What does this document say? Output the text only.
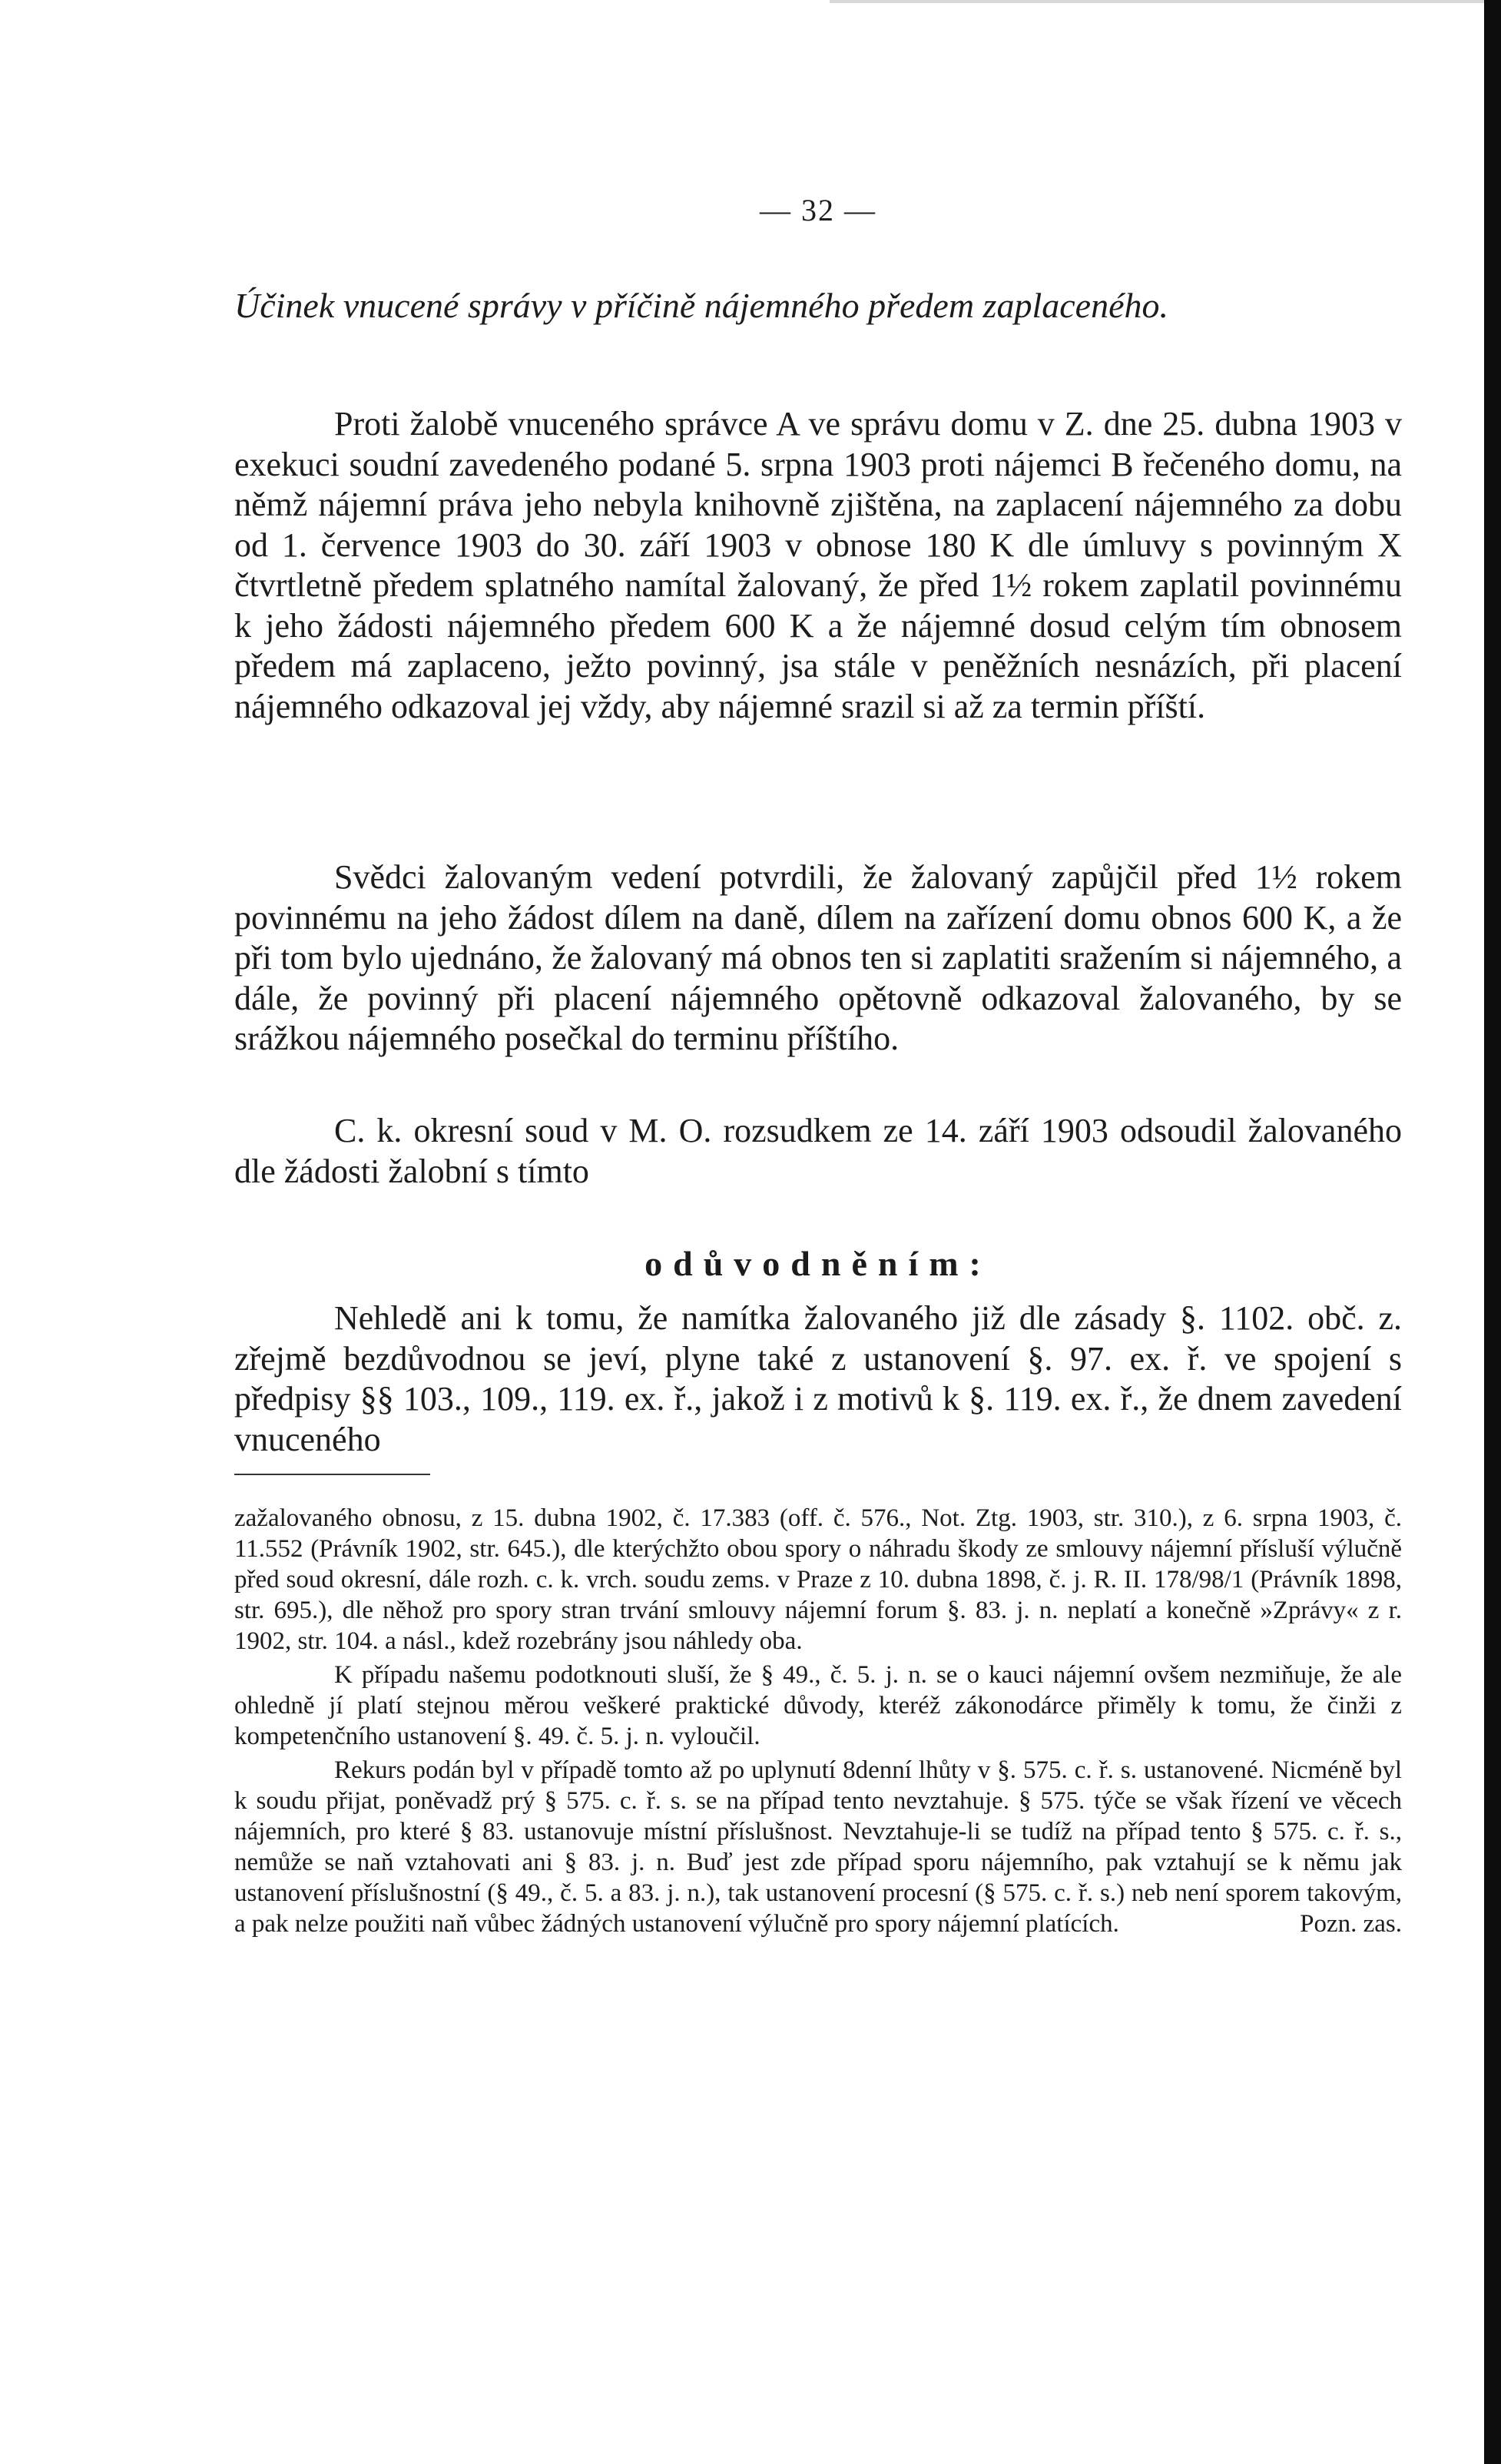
— 32 —
Účinek vnucené správy v příčině nájemného předem zaplaceného.

Proti žalobě vnuceného správce A ve správu domu v Z. dne 25. dubna 1903 v exekuci soudní zavedeného podané 5. srpna 1903 proti nájemci B řečeného domu, na němž nájemní práva jeho nebyla knihovně zjištěna, na zaplacení nájemného za dobu od 1. července 1903 do 30. září 1903 v obnose 180 K dle úmluvy s povinným X čtvrtletně předem splatného namítal žalovaný, že před 1½ rokem zaplatil povinnému k jeho žádosti nájemného předem 600 K a že nájemné dosud celým tím obnosem předem má zaplaceno, ježto povinný, jsa stále v peněžních nesnázích, při placení nájemného odkazoval jej vždy, aby nájemné srazil si až za termin příští.

Svědci žalovaným vedení potvrdili, že žalovaný zapůjčil před 1½ rokem povinnému na jeho žádost dílem na daně, dílem na zařízení domu obnos 600 K, a že při tom bylo ujednáno, že žalovaný má obnos ten si zaplatiti sražením si nájemného, a dále, že povinný při placení nájemného opětovně odkazoval žalovaného, by se srážkou nájemného posečkal do terminu příštího.

C. k. okresní soud v M. O. rozsudkem ze 14. září 1903 odsoudil žalovaného dle žádosti žalobní s tímto

odůvodněním:

Nehledě ani k tomu, že namítka žalovaného již dle zásady §. 1102. obč. z. zřejmě bezdůvodnou se jeví, plyne také z ustanovení §. 97. ex. ř. ve spojení s předpisy §§ 103., 109., 119. ex. ř., jakož i z motivů k §. 119. ex. ř., že dnem zavedení vnuceného

zažalovaného obnosu, z 15. dubna 1902, č. 17.383 (off. č. 576., Not. Ztg. 1903, str. 310.), z 6. srpna 1903, č. 11.552 (Právník 1902, str. 645.), dle kterýchžto obou spory o náhradu škody ze smlouvy nájemní přísluší výlučně před soud okresní, dále rozh. c. k. vrch. soudu zems. v Praze z 10. dubna 1898, č. j. R. II. 178/98/1 (Právník 1898, str. 695.), dle něhož pro spory stran trvání smlouvy nájemní forum §. 83. j. n. neplatí a konečně »Zprávy« z r. 1902, str. 104. a násl., kdež rozebrány jsou náhledy oba.

K případu našemu podotknouti sluší, že § 49., č. 5. j. n. se o kauci nájemní ovšem nezmiňuje, že ale ohledně jí platí stejnou měrou veškeré praktické důvody, kteréž zákonodárce přiměly k tomu, že činži z kompetenčního ustanovení §. 49. č. 5. j. n. vyloučil.

Rekurs podán byl v případě tomto až po uplynutí 8denní lhůty v §. 575. c. ř. s. ustanovené. Nicméně byl k soudu přijat, poněvadž prý § 575. c. ř. s. se na případ tento nevztahuje. § 575. týče se však řízení ve věcech nájemních, pro které § 83. ustanovuje místní příslušnost. Nevztahuje-li se tudíž na případ tento § 575. c. ř. s., nemůže se naň vztahovati ani § 83. j. n. Buď jest zde případ sporu nájemního, pak vztahují se k němu jak ustanovení příslušnostní (§ 49., č. 5. a 83. j. n.), tak ustanovení procesní (§ 575. c. ř. s.) neb není sporem takovým, a pak nelze použiti naň vůbec žádných ustanovení výlučně pro spory nájemní platících.	Pozn. zas.
